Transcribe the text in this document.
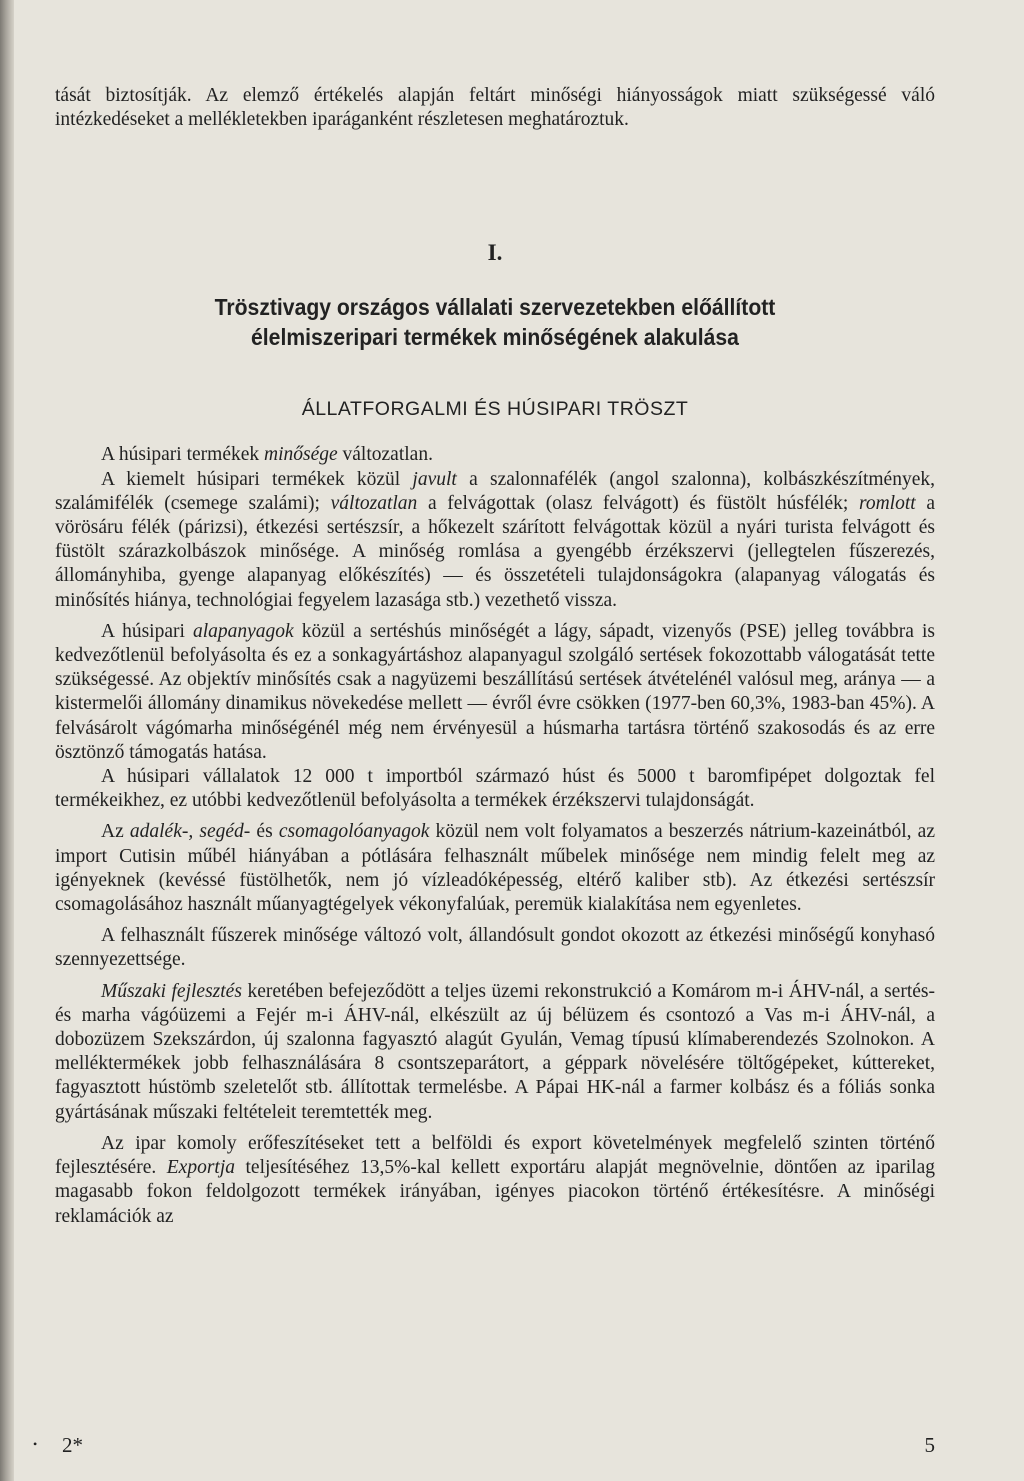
tását biztosítják. Az elemző értékelés alapján feltárt minőségi hiányosságok miatt szükségessé váló intézkedéseket a mellékletekben iparáganként részletesen meghatároztuk.

I.
Trösztivagy országos vállalati szervezetekben előállított
élelmiszeripari termékek minőségének alakulása
ÁLLATFORGALMI ÉS HÚSIPARI TRÖSZT

A húsipari termékek minősége változatlan.

A kiemelt húsipari termékek közül javult a szalonnafélék (angol szalonna), kolbászkészítmények, szalámifélék (csemege szalámi); változatlan a felvágottak (olasz felvágott) és füstölt húsfélék; romlott a vörösáru félék (párizsi), étkezési sertészsír, a hőkezelt szárított felvágottak közül a nyári turista felvágott és füstölt szárazkolbászok minősége. A minőség romlása a gyengébb érzékszervi (jellegtelen fűszerezés, állományhiba, gyenge alapanyag előkészítés) — és összetételi tulajdonságokra (alapanyag válogatás és minősítés hiánya, technológiai fegyelem lazasága stb.) vezethető vissza.

A húsipari alapanyagok közül a sertéshús minőségét a lágy, sápadt, vizenyős (PSE) jelleg továbbra is kedvezőtlenül befolyásolta és ez a sonkagyártáshoz alapanyagul szolgáló sertések fokozottabb válogatását tette szükségessé. Az objektív minősítés csak a nagyüzemi beszállítású sertések átvételénél valósul meg, aránya — a kistermelői állomány dinamikus növekedése mellett — évről évre csökken (1977-ben 60,3%, 1983-ban 45%). A felvásárolt vágómarha minőségénél még nem érvényesül a húsmarha tartásra történő szakosodás és az erre ösztönző támogatás hatása.

A húsipari vállalatok 12 000 t importból származó húst és 5000 t baromfipépet dolgoztak fel termékeikhez, ez utóbbi kedvezőtlenül befolyásolta a termékek érzékszervi tulajdonságát.

Az adalék-, segéd- és csomagolóanyagok közül nem volt folyamatos a beszerzés nátrium-kazeinátból, az import Cutisin műbél hiányában a pótlására felhasznált műbelek minősége nem mindig felelt meg az igényeknek (kevéssé füstölhetők, nem jó vízleadóképesség, eltérő kaliber stb). Az étkezési sertészsír csomagolásához használt műanyagtégelyek vékonyfalúak, peremük kialakítása nem egyenletes.

A felhasznált fűszerek minősége változó volt, állandósult gondot okozott az étkezési minőségű konyhasó szennyezettsége.

Műszaki fejlesztés keretében befejeződött a teljes üzemi rekonstrukció a Komárom m-i ÁHV-nál, a sertés- és marha vágóüzemi a Fejér m-i ÁHV-nál, elkészült az új bélüzem és csontozó a Vas m-i ÁHV-nál, a dobozüzem Szekszárdon, új szalonna fagyasztó alagút Gyulán, Vemag típusú klímaberendezés Szolnokon. A melléktermékek jobb felhasználására 8 csontszeparátort, a géppark növelésére töltőgépeket, kúttereket, fagyasztott hústömb szeletelőt stb. állítottak termelésbe. A Pápai HK-nál a farmer kolbász és a fóliás sonka gyártásának műszaki feltételeit teremtették meg.

Az ipar komoly erőfeszítéseket tett a belföldi és export követelmények megfelelő szinten történő fejlesztésére. Exportja teljesítéséhez 13,5%-kal kellett exportáru alapját megnövelnie, döntően az iparilag magasabb fokon feldolgozott termékek irányában, igényes piacokon történő értékesítésre. A minőségi reklamációk az

• 2*	5
